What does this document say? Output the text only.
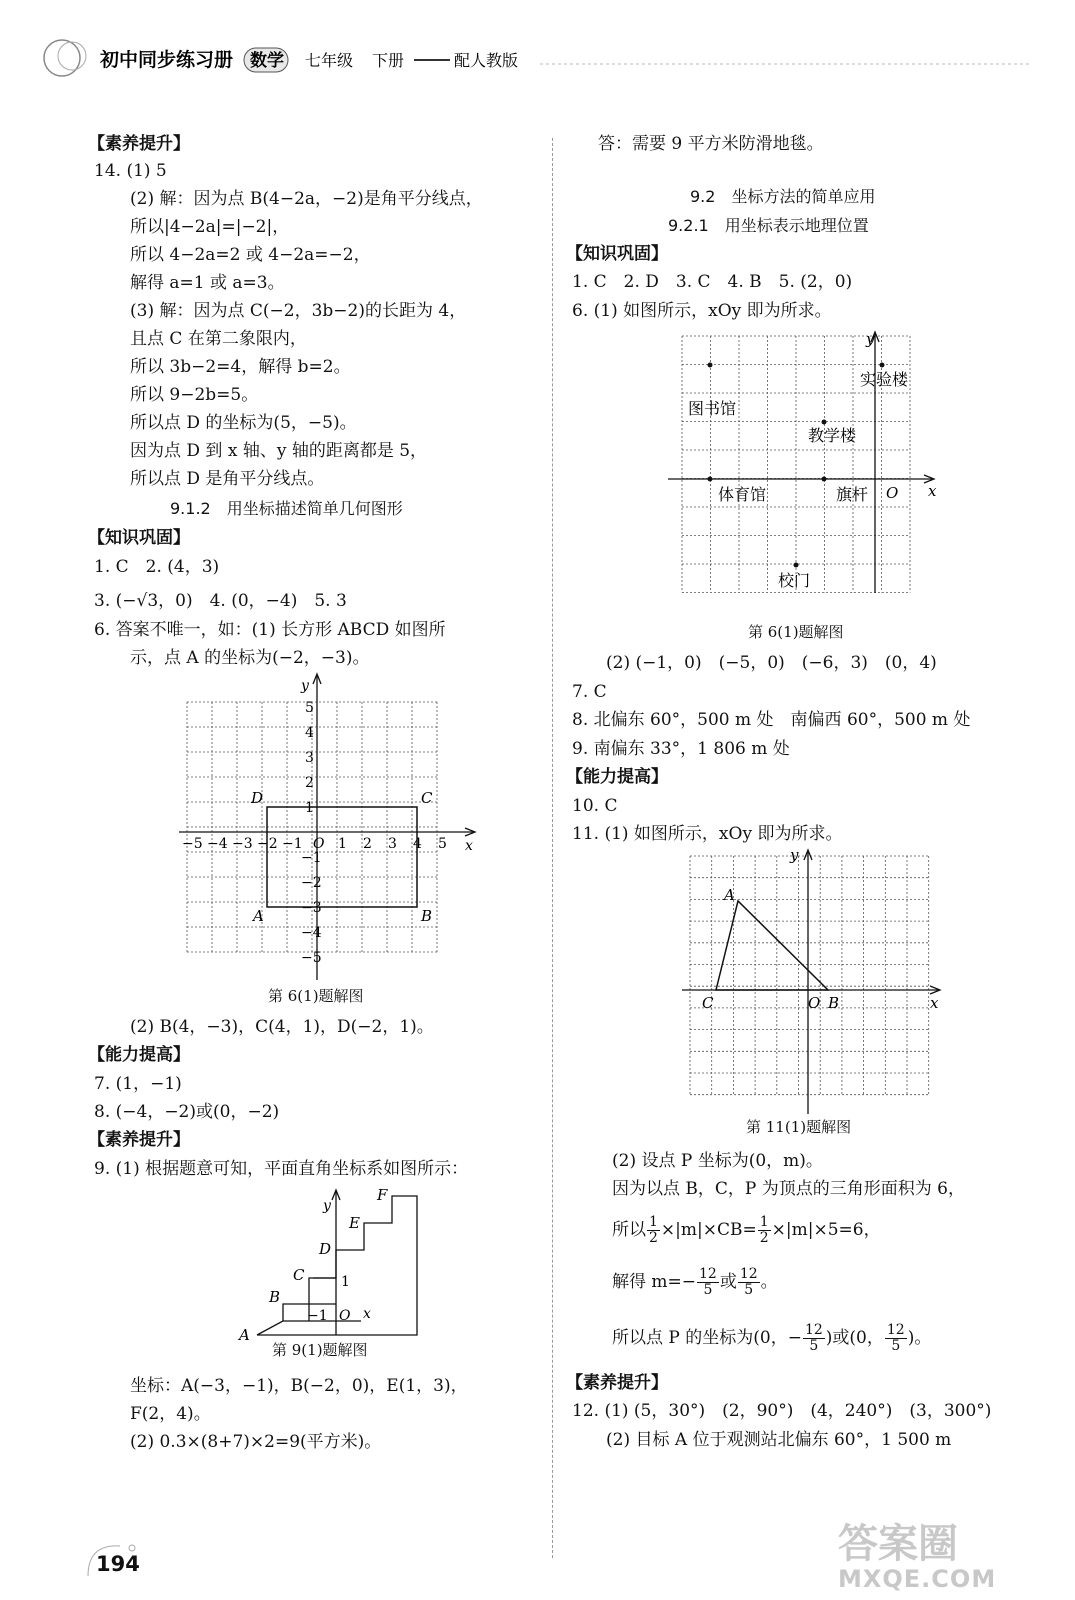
初中同步练习册 数学 七年级 下册	配人教版
【素养提升】
14. (1) 5
(2) 解：因为点 B(4−2a，−2)是角平分线点，
所以|4−2a|=|−2|，
所以 4−2a=2 或 4−2a=−2，
解得 a=1 或 a=3。
(3) 解：因为点 C(−2，3b−2)的长距为 4，
且点 C 在第二象限内，
所以 3b−2=4，解得 b=2。
所以 9−2b=5。
所以点 D 的坐标为(5，−5)。
因为点 D 到 x 轴、y 轴的距离都是 5，
所以点 D 是角平分线点。
9.1.2　用坐标描述简单几何图形
【知识巩固】
1. C　2. (4，3)
3. (−√3，0)　4. (0，−4)　5. 3
6. 答案不唯一，如：(1) 长方形 ABCD 如图所
示，点 A 的坐标为(−2，−3)。
−5 −4 −3 −2 −1 O 1 2 3 4 5
5
4
3
2
1
−1
−2
−3
−4
−5
x
y
A	B
C
D
第 6(1)题解图
(2) B(4，−3)，C(4，1)，D(−2，1)。
【能力提高】
7. (1，−1)
8. (−4，−2)或(0，−2)
【素养提升】
9. (1) 根据题意可知，平面直角坐标系如图所示：
A
B
C
D
E
F
−1
1
O x
y
第 9(1)题解图
坐标：A(−3，−1)，B(−2，0)，E(1，3)，
F(2，4)。
(2) 0.3×(8+7)×2=9(平方米)。
答：需要 9 平方米防滑地毯。
9.2　坐标方法的简单应用
9.2.1　用坐标表示地理位置
【知识巩固】
1. C　2. D　3. C　4. B　5. (2，0)
6. (1) 如图所示，xOy 即为所求。
实验楼
图书馆
教学楼
体育馆	旗杆
校门
O x
y
第 6(1)题解图
(2) (−1，0)　(−5，0)　(−6，3)　(0，4)
7. C
8. 北偏东 60°，500 m 处　南偏西 60°，500 m 处
9. 南偏东 33°，1 806 m 处
【能力提高】
10. C
11. (1) 如图所示，xOy 即为所求。
A
C	O B	x
y
第 11(1)题解图
(2) 设点 P 坐标为(0，m)。
因为以点 B，C，P 为顶点的三角形面积为 6，
所以 $\frac{1}{2} \times|m|\times CB= \frac{1}{2} \times|m|\times 5=6$，
解得 $m=- \frac{12}{5}$ 或 $\frac{12}{5}$ 。
所以点 P 的坐标为(0，− $\frac{12}{5}$ )或(0， $\frac{12}{5}$ )。
【素养提升】
12. (1) (5，30°)　(2，90°)　(4，240°)　(3，300°)
(2) 目标 A 位于观测站北偏东 60°，1 500 m
194	答案圈
MXQE.COM
